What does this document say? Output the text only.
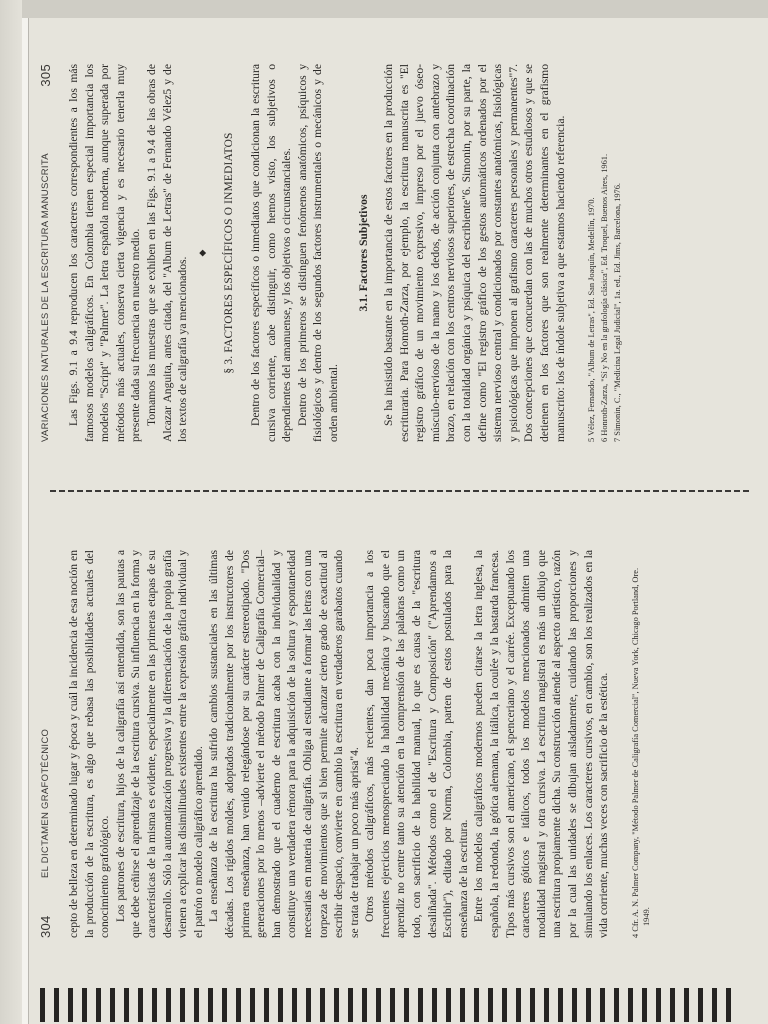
304
EL DICTAMEN GRAFOTÉCNICO cepto de belleza en determinado lugar y época y cuál la incidencia de esa noción en la producción de la escritura, es algo que rebasa las posibilidades actuales del conocimiento grafológico. Los patrones de escritura, hijos de la caligrafía así entendida, son las pautas a que debe ceñirse el aprendizaje de la escritura cursiva. Su influencia en la forma y características de la misma es evidente, especialmente en las primeras etapas de su desarrollo. Sólo la automatización progresiva y la diferenciación de la propia grafía vienen a explicar las disimilitudes existentes entre la expresión gráfica individual y el patrón o modelo caligráfico aprendido. La enseñanza de la escritura ha sufrido cambios sustanciales en las últimas décadas. Los rígidos moldes, adoptados tradicionalmente por los instructores de primera enseñanza, han venido relegándose por su carácter estereotipado. "Dos generaciones por lo menos –advierte el método Palmer de Caligrafía Comercial– han demostrado que el cuaderno de escritura acaba con la individualidad y constituye una verdadera rémora para la adquisición de la soltura y espontaneidad necesarias en materia de caligrafía. Obliga al estudiante a formar las letras con una torpeza de movimientos que si bien permite alcanzar cierto grado de exactitud al escribir despacio, convierte en cambio la escritura en verdaderos garabatos cuando se trata de trabajar un poco más aprisa"4. Otros métodos caligráficos, más recientes, dan poca importancia a los frecuentes ejercicios menospreciando la habilidad mecánica y buscando que el aprendiz no centre tanto su atención en la comprensión de las palabras como un todo, con sacrificio de la habilidad manual, lo que es causa de la "escritura desaliñada". Métodos como el de "Escritura y Composición" ("Aprendamos a Escribir"), editado por Norma, Colombia, parten de estos postulados para la enseñanza de la escritura. Entre los modelos caligráficos modernos pueden citarse la letra inglesa, la española, la redonda, la gótica alemana, la itálica, la coulée y la bastarda francesa. Tipos más cursivos son el americano, el spencеriano y el carrée. Exceptuando los caracteres góticos e itálicos, todos los modelos mencionados admiten una modalidad magistral y otra cursiva. La escritura magistral es más un dibujo que una escritura propiamente dicha. Su construcción atiende al aspecto artístico, razón por la cual las unidades se dibujan aisladamente, cuidando las proporciones y simulando los enlaces. Los caracteres cursivos, en cambio, son los realizados en la vida corriente, muchas veces con sacrificio de la estética. 4 Cfr. A. N. Palmer Company, "Método Palmer de Caligrafía Comercial", Nueva York, Chicago Portland, Ore. 1949.
VARIACIONES NATURALES DE LA ESCRITURA MANUSCRITA
305 Las Figs. 9.1 a 9.4 reproducen los caracteres correspondientes a los más famosos modelos caligráficos. En Colombia tienen especial importancia los modelos "Script" y "Palmer". La letra española moderna, aunque superada por métodos más actuales, conserva cierta vigencia y es necesario tenerla muy presente dada su frecuencia en nuestro medio. Tomamos las muestras que se exhiben en las Figs. 9.1 a 9.4 de las obras de Alcazar Anguita, antes citada, del "Album de Letras" de Fernando Vélez5 y de los textos de caligrafía ya mencionados.

◆	§ 3. FACTORES ESPECÍFICOS O INMEDIATOS Dentro de los factores específicos o inmediatos que condicionan la escritura cursiva corriente, cabe distinguir, como hemos visto, los subjetivos o dependientes del amanuense, y los objetivos o circunstanciales. Dentro de los primeros se distinguen fenómenos anatómicos, psíquicos y fisiológicos y dentro de los segundos factores instrumentales o mecánicos y de orden ambiental.

3.1. Factores Subjetivos Se ha insistido bastante en la importancia de estos factores en la producción escrituraria. Para Honroth-Zarza, por ejemplo, la escritura manuscrita es "El registro gráfico de un movimiento expresivo, impreso por el juevo óseo-músculo-nervioso de la mano y los dedos, de acción conjunta con antebrazo y brazo, en relación con los centros nerviosos superiores, de estrecha coordinación con la totalidad orgánica y psíquica del escribiente"6. Simonin, por su parte, la define como "El registro gráfico de los gestos automáticos ordenados por el sistema nervioso central y condicionados por constantes anatómicas, fisiológicas y psicológicas que imponen al grafismo caracteres personales y permanentes"7. Dos concepciones que concuerdan con las de muchos otros estudiosos y que se detienen en los factores que son realmente determinantes en el grafismo manuscrito: los de índole subjetiva a que estamos haciendo referencia. 5 Vélez, Fernando, "Album de Letras", Ed. San Joaquín, Medellín, 1970. 6 Honroth-Zarza, "Sí y No en la grafología clásica", Ed. Troquel, Buenos Aires, 1961. 7 Simonin, C., "Medicina Legal Judicial", 1a. ed., Ed. Jims, Barcelona, 1976.
